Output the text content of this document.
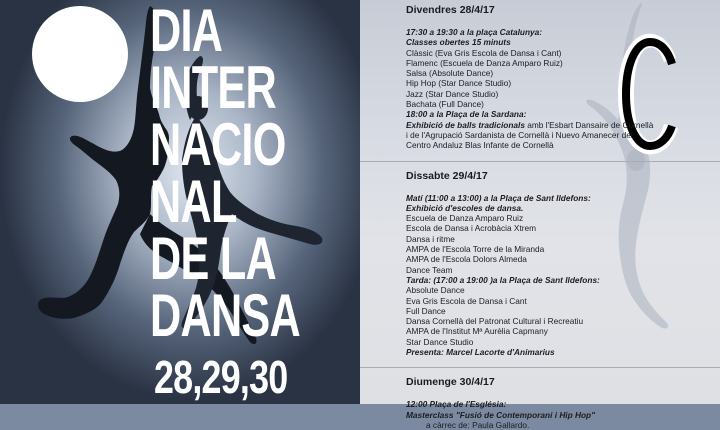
DIA
INTER
NACIO
NAL
DE LA
DANSA
28,29,30
Divendres 28/4/17
17:30 a 19:30 a la plaça Catalunya:
Classes obertes 15 minuts
Clàssic (Eva Gris Escola de Dansa i Cant)
Flamenc (Escuela de Danza Amparo Ruiz)
Salsa (Absolute Dance)
Hip Hop (Star Dance Studio)
Jazz (Star Dance Studio)
Bachata (Full Dance)
18:00 a la Plaça de la Sardana:
Exhibició de balls tradicionals amb l'Esbart Dansaire de Cornellà i de l'Agrupació Sardanista de Cornellà i Nuevo Amanecer del Centro Andaluz Blas Infante de Cornellà
Dissabte 29/4/17
Matí (11:00 a 13:00) a la Plaça de Sant Ildefons:
Exhibició d'escoles de dansa.
Escuela de Danza Amparo Ruiz
Escola de Dansa i Acrobàcia Xtrem
Dansa i ritme
AMPA de l'Escola Torre de la Miranda
AMPA de l'Escola Dolors Almeda
Dance Team
Tarda: (17:00 a 19:00 )a la Plaça de Sant Ildefons:
Absolute Dance
Eva Gris Escola de Dansa i Cant
Full Dance
Dansa Cornellà del Patronat Cultural i Recreatiu
AMPA de l'Institut Mª Aurèlia Capmany
Star Dance Studio
Presenta: Marcel Lacorte d'Animarius
Diumenge 30/4/17
12:00 Plaça de l'Església:
Masterclass "Fusió de Contemporani i Hip Hop"
a càrrec de: Paula Gallardo.
